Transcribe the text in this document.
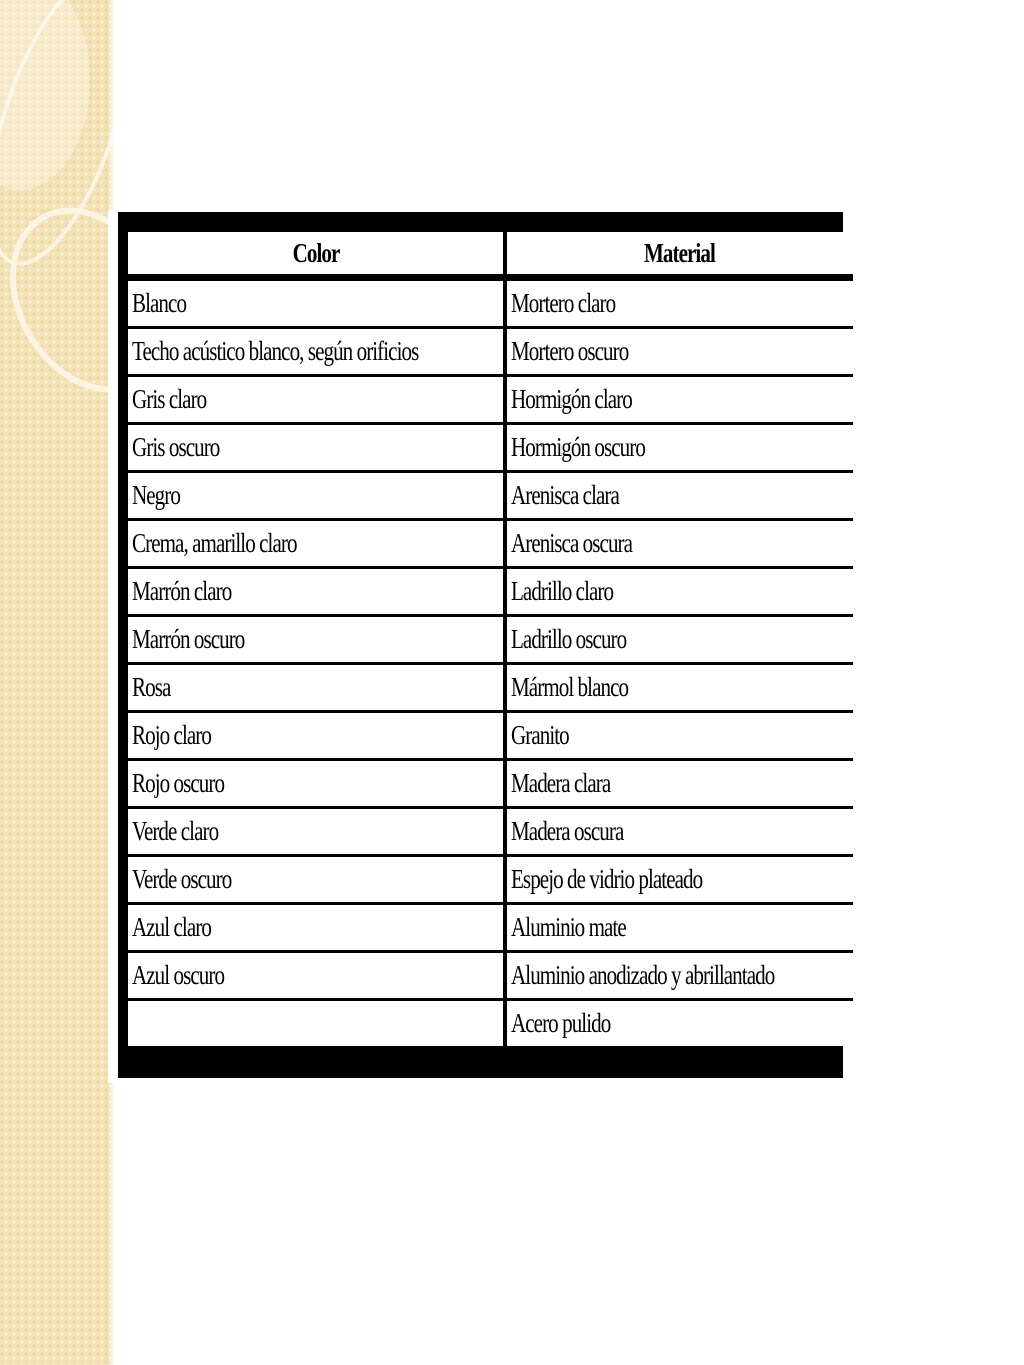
Color	Material
Blanco	Mortero claro
Techo acústico blanco, según orificios	Mortero oscuro
Gris claro	Hormigón claro
Gris oscuro	Hormigón oscuro
Negro	Arenisca clara
Crema, amarillo claro	Arenisca oscura
Marrón claro	Ladrillo claro
Marrón oscuro	Ladrillo oscuro
Rosa	Mármol blanco
Rojo claro	Granito
Rojo oscuro	Madera clara
Verde claro	Madera oscura
Verde oscuro	Espejo de vidrio plateado
Azul claro	Aluminio mate
Azul oscuro	Aluminio anodizado y abrillantado
	Acero pulido
